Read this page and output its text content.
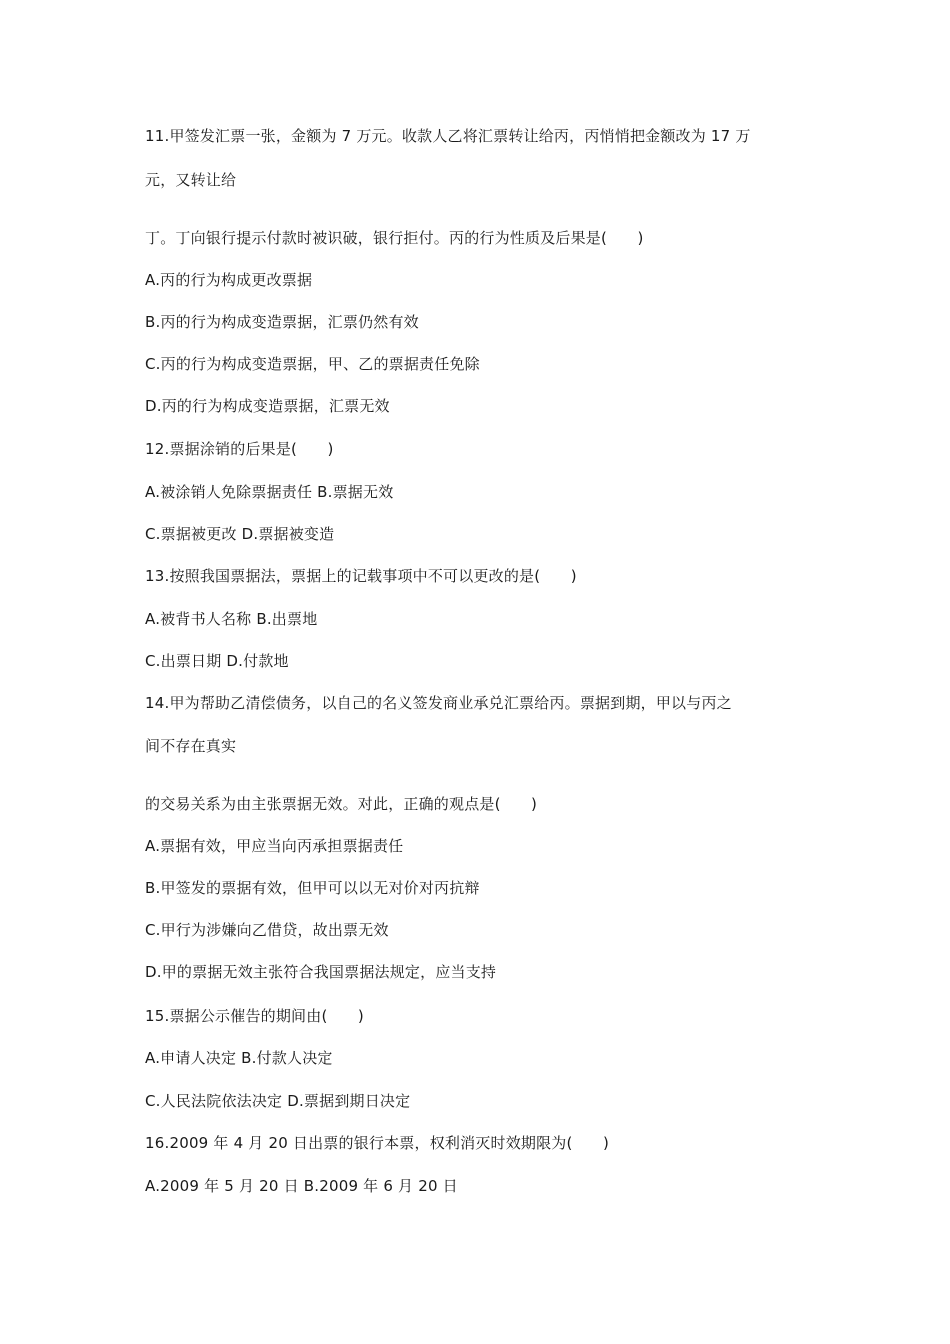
11.甲签发汇票一张，金额为 7 万元。收款人乙将汇票转让给丙，丙悄悄把金额改为 17 万
元，又转让给
丁。丁向银行提示付款时被识破，银行拒付。丙的行为性质及后果是(　　)
A.丙的行为构成更改票据
B.丙的行为构成变造票据，汇票仍然有效
C.丙的行为构成变造票据，甲、乙的票据责任免除
D.丙的行为构成变造票据，汇票无效
12.票据涂销的后果是(　　)
A.被涂销人免除票据责任 B.票据无效
C.票据被更改 D.票据被变造
13.按照我国票据法，票据上的记载事项中不可以更改的是(　　)
A.被背书人名称 B.出票地
C.出票日期 D.付款地
14.甲为帮助乙清偿债务，以自己的名义签发商业承兑汇票给丙。票据到期，甲以与丙之
间不存在真实
的交易关系为由主张票据无效。对此，正确的观点是(　　)
A.票据有效，甲应当向丙承担票据责任
B.甲签发的票据有效，但甲可以以无对价对丙抗辩
C.甲行为涉嫌向乙借贷，故出票无效
D.甲的票据无效主张符合我国票据法规定，应当支持
15.票据公示催告的期间由(　　)
A.申请人决定 B.付款人决定
C.人民法院依法决定 D.票据到期日决定
16.2009 年 4 月 20 日出票的银行本票，权利消灭时效期限为(　　)
A.2009 年 5 月 20 日 B.2009 年 6 月 20 日
